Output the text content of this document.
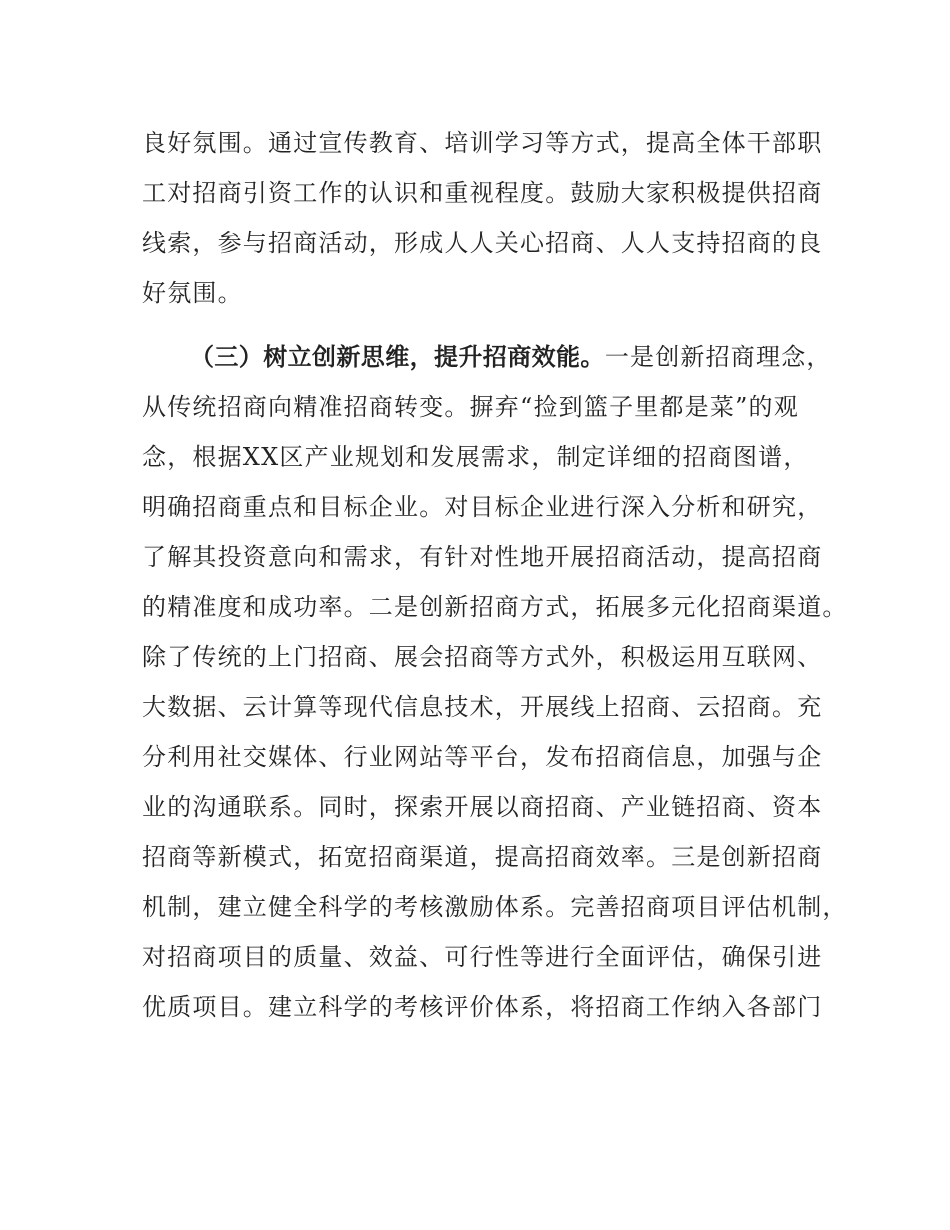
良好氛围。通过宣传教育、培训学习等方式，提高全体干部职

工对招商引资工作的认识和重视程度。鼓励大家积极提供招商

线索，参与招商活动，形成人人关心招商、人人支持招商的良

好氛围。

（三）树立创新思维，提升招商效能。一是创新招商理念，

从传统招商向精准招商转变。摒弃“捡到篮子里都是菜”的观

念，根据XX区产业规划和发展需求，制定详细的招商图谱，

明确招商重点和目标企业。对目标企业进行深入分析和研究，

了解其投资意向和需求，有针对性地开展招商活动，提高招商

的精准度和成功率。二是创新招商方式，拓展多元化招商渠道。

除了传统的上门招商、展会招商等方式外，积极运用互联网、

大数据、云计算等现代信息技术，开展线上招商、云招商。充

分利用社交媒体、行业网站等平台，发布招商信息，加强与企

业的沟通联系。同时，探索开展以商招商、产业链招商、资本

招商等新模式，拓宽招商渠道，提高招商效率。三是创新招商

机制，建立健全科学的考核激励体系。完善招商项目评估机制，

对招商项目的质量、效益、可行性等进行全面评估，确保引进

优质项目。建立科学的考核评价体系，将招商工作纳入各部门
